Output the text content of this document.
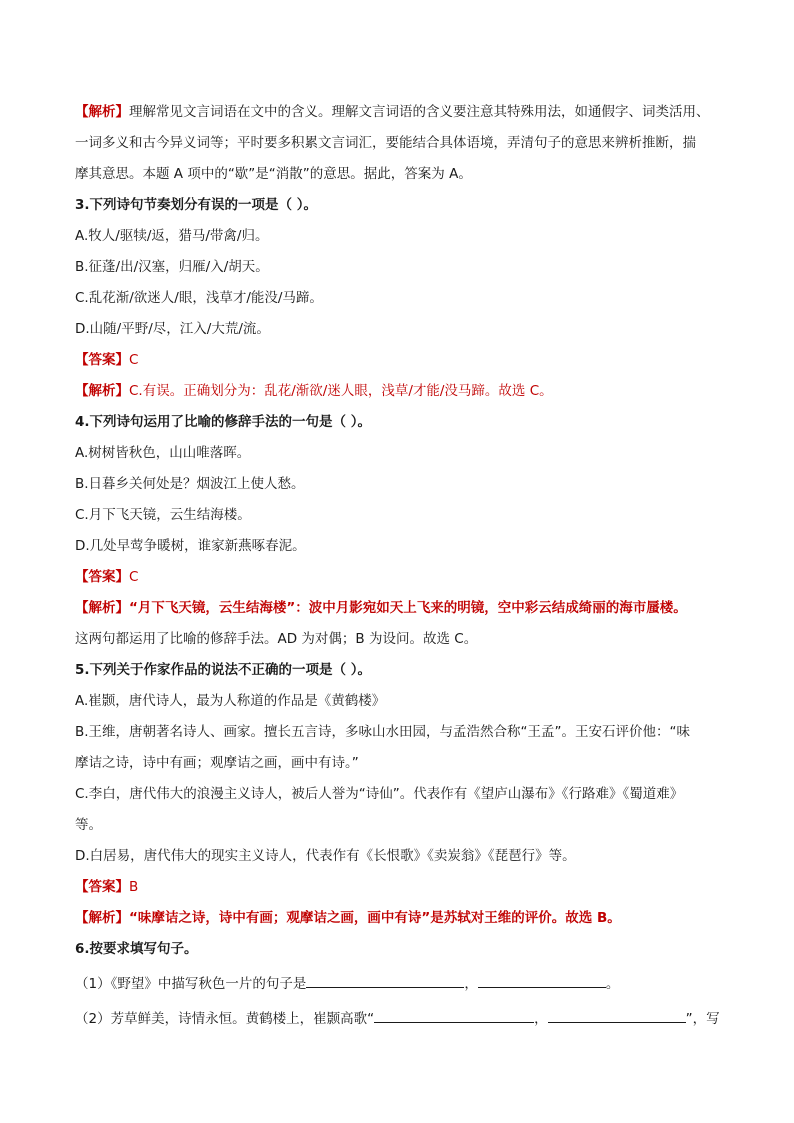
【解析】理解常见文言词语在文中的含义。理解文言词语的含义要注意其特殊用法，如通假字、词类活用、
一词多义和古今异义词等；平时要多积累文言词汇，要能结合具体语境，弄清句子的意思来辨析推断，揣
摩其意思。本题 A 项中的“歇”是“消散”的意思。据此，答案为 A。
3.下列诗句节奏划分有误的一项是（ ）。
A.牧人/驱犊/返，猎马/带禽/归。
B.征蓬/出/汉塞，归雁/入/胡天。
C.乱花渐/欲迷人/眼，浅草才/能没/马蹄。
D.山随/平野/尽，江入/大荒/流。
【答案】C
【解析】C.有误。正确划分为：乱花/渐欲/迷人眼，浅草/才能/没马蹄。故选 C。
4.下列诗句运用了比喻的修辞手法的一句是（ ）。
A.树树皆秋色，山山唯落晖。
B.日暮乡关何处是？烟波江上使人愁。
C.月下飞天镜，云生结海楼。
D.几处早莺争暖树，谁家新燕啄春泥。
【答案】C
【解析】“月下飞天镜，云生结海楼”：波中月影宛如天上飞来的明镜，空中彩云结成绮丽的海市蜃楼。
这两句都运用了比喻的修辞手法。AD 为对偶；B 为设问。故选 C。
5.下列关于作家作品的说法不正确的一项是（ ）。
A.崔颢，唐代诗人，最为人称道的作品是《黄鹤楼》
B.王维，唐朝著名诗人、画家。擅长五言诗，多咏山水田园，与孟浩然合称“王孟”。王安石评价他：“味
摩诘之诗，诗中有画；观摩诘之画，画中有诗。”
C.李白，唐代伟大的浪漫主义诗人，被后人誉为“诗仙”。代表作有《望庐山瀑布》《行路难》《蜀道难》
等。
D.白居易，唐代伟大的现实主义诗人，代表作有《长恨歌》《卖炭翁》《琵琶行》等。
【答案】B
【解析】“味摩诘之诗，诗中有画；观摩诘之画，画中有诗”是苏轼对王维的评价。故选 B。
6.按要求填写句子。
（1）《野望》中描写秋色一片的句子是	，	。
（2）芳草鲜美，诗情永恒。黄鹤楼上，崔颢高歌“	，	”，写
